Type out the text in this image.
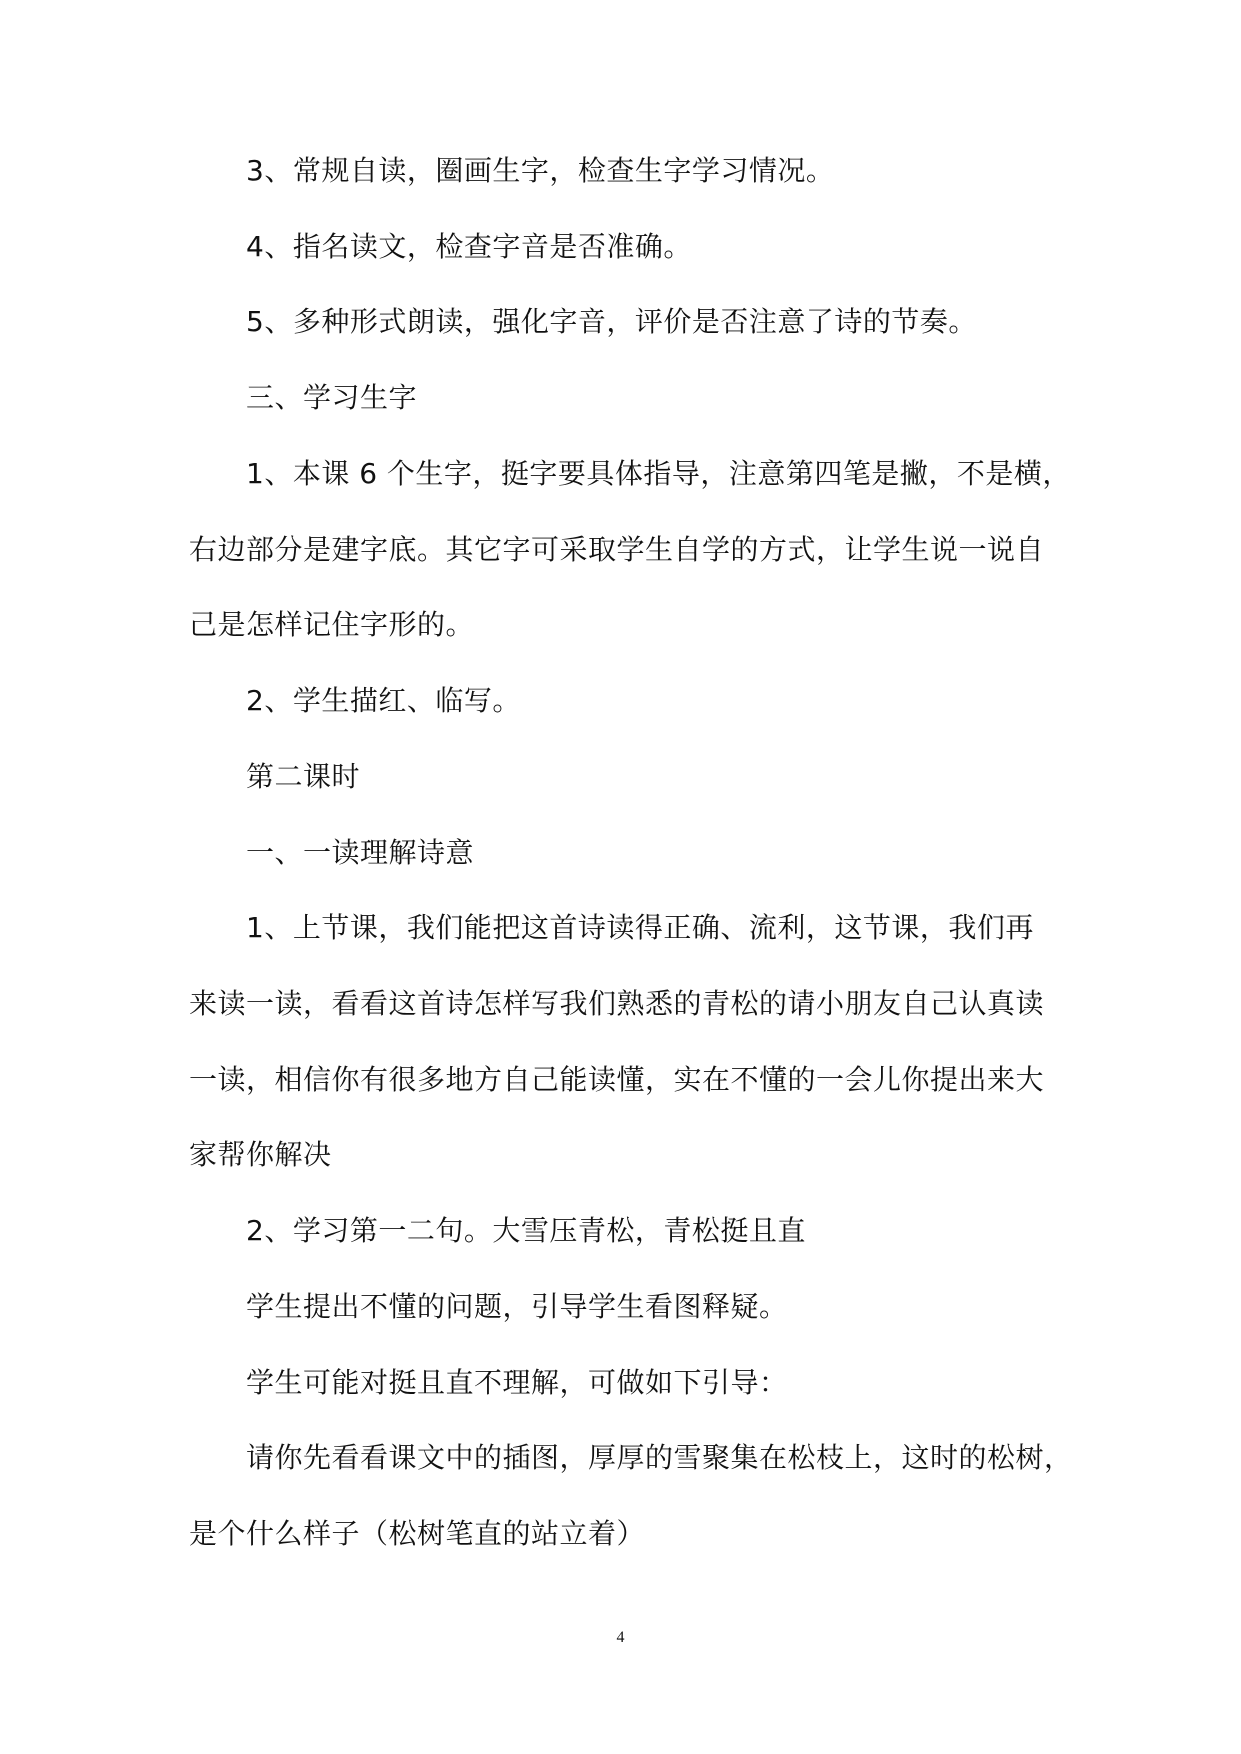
3、常规自读，圈画生字，检查生字学习情况。
4、指名读文，检查字音是否准确。
5、多种形式朗读，强化字音，评价是否注意了诗的节奏。
三、学习生字
1、本课 6 个生字，挺字要具体指导，注意第四笔是撇，不是横，
右边部分是建字底。其它字可采取学生自学的方式，让学生说一说自
己是怎样记住字形的。
2、学生描红、临写。
第二课时
一、一读理解诗意
1、上节课，我们能把这首诗读得正确、流利，这节课，我们再
来读一读，看看这首诗怎样写我们熟悉的青松的请小朋友自己认真读
一读，相信你有很多地方自己能读懂，实在不懂的一会儿你提出来大
家帮你解决
2、学习第一二句。大雪压青松，青松挺且直
学生提出不懂的问题，引导学生看图释疑。
学生可能对挺且直不理解，可做如下引导：
请你先看看课文中的插图，厚厚的雪聚集在松枝上，这时的松树，
是个什么样子（松树笔直的站立着）
4
